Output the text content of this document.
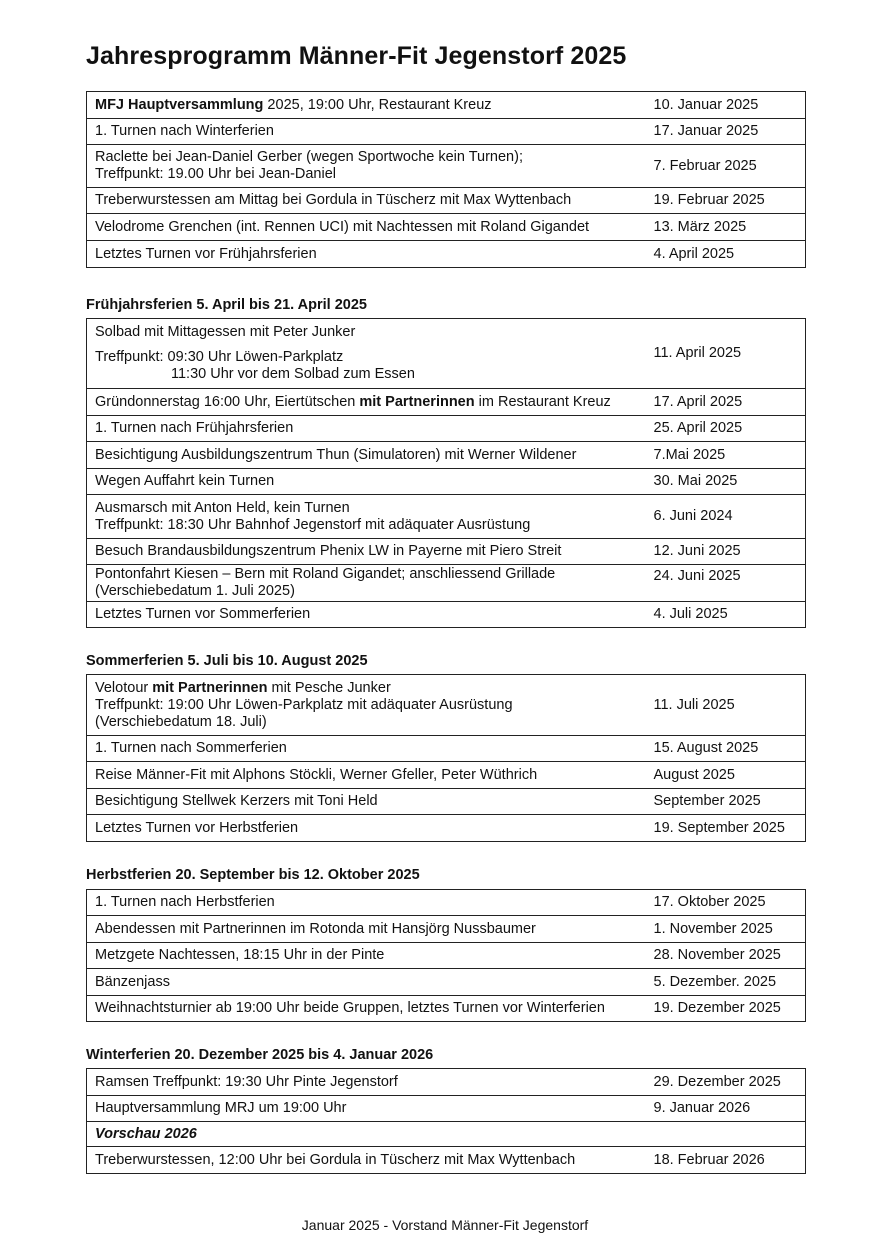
Jahresprogramm Männer-Fit Jegenstorf 2025
MFJ Hauptversammlung 2025, 19:00 Uhr, Restaurant Kreuz	10. Januar 2025
1. Turnen nach Winterferien	17. Januar 2025

Raclette bei Jean-Daniel Gerber (wegen Sportwoche kein Turnen);
Treffpunkt: 19.00 Uhr bei Jean-Daniel	7. Februar 2025
Treberwurstessen am Mittag bei Gordula in Tüscherz mit Max Wyttenbach	19. Februar 2025
Velodrome Grenchen (int. Rennen UCI) mit Nachtessen mit Roland Gigandet	13. März 2025
Letztes Turnen vor Frühjahrsferien	4. April 2025
Frühjahrsferien 5. April bis 21. April 2025
Solbad mit Mittagessen mit Peter Junker
Treffpunkt: 09:30 Uhr Löwen-Parkplatz
11:30 Uhr vor dem Solbad zum Essen	11. April 2025
Gründonnerstag 16:00 Uhr, Eiertütschen mit Partnerinnen im Restaurant Kreuz	17. April 2025
1. Turnen nach Frühjahrsferien	25. April 2025
Besichtigung Ausbildungszentrum Thun (Simulatoren) mit Werner Wildener	7.Mai 2025
Wegen Auffahrt kein Turnen	30. Mai 2025

Ausmarsch mit Anton Held, kein Turnen
Treffpunkt: 18:30 Uhr Bahnhof Jegenstorf mit adäquater Ausrüstung	6. Juni 2024
Besuch Brandausbildungszentrum Phenix LW in Payerne mit Piero Streit	12. Juni 2025

Pontonfahrt Kiesen – Bern mit Roland Gigandet; anschliessend Grillade
(Verschiebedatum 1. Juli 2025)	24. Juni 2025
Letztes Turnen vor Sommerferien	4. Juli 2025
Sommerferien 5. Juli bis 10. August 2025
Velotour mit Partnerinnen mit Pesche Junker
Treffpunkt: 19:00 Uhr Löwen-Parkplatz mit adäquater Ausrüstung
(Verschiebedatum 18. Juli)	11. Juli 2025
1. Turnen nach Sommerferien	15. August 2025
Reise Männer-Fit mit Alphons Stöckli, Werner Gfeller, Peter Wüthrich	August 2025
Besichtigung Stellwek Kerzers mit Toni Held	September 2025
Letztes Turnen vor Herbstferien	19. September 2025
Herbstferien 20. September bis 12. Oktober 2025
1. Turnen nach Herbstferien	17. Oktober 2025
Abendessen mit Partnerinnen im Rotonda mit Hansjörg Nussbaumer	1. November 2025
Metzgete Nachtessen, 18:15 Uhr in der Pinte	28. November 2025
Bänzenjass	5. Dezember. 2025
Weihnachtsturnier ab 19:00 Uhr beide Gruppen, letztes Turnen vor Winterferien	19. Dezember 2025
Winterferien 20. Dezember 2025 bis 4. Januar 2026
Ramsen Treffpunkt: 19:30 Uhr Pinte Jegenstorf	29. Dezember 2025
Hauptversammlung MRJ um 19:00 Uhr	9. Januar 2026
Vorschau 2026	
Treberwurstessen, 12:00 Uhr bei Gordula in Tüscherz mit Max Wyttenbach	18. Februar 2026
Januar 2025 - Vorstand Männer-Fit Jegenstorf
